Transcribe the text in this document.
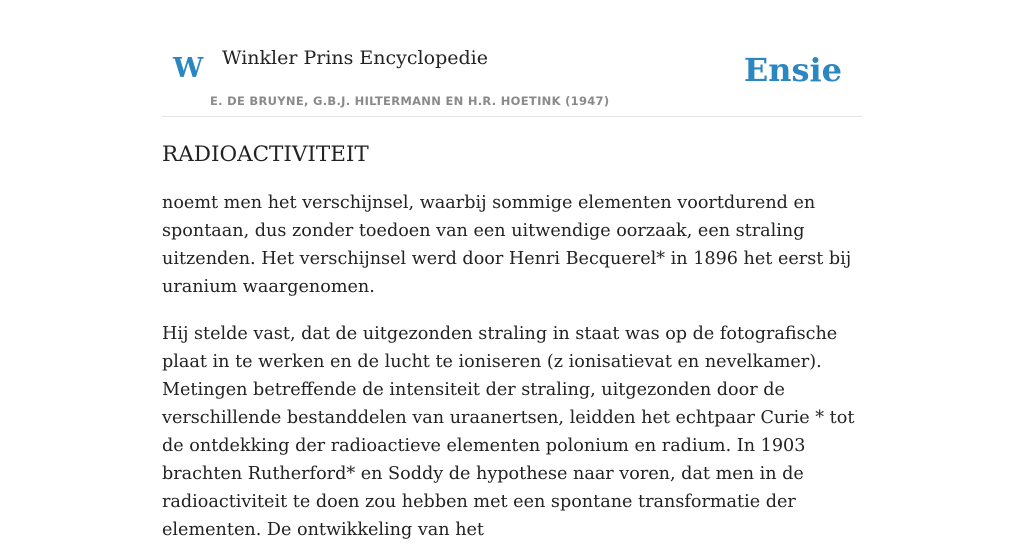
W Winkler Prins Encyclopedie
E. DE BRUYNE, G.B.J. HILTERMANN EN H.R. HOETINK (1947)
Ensie
RADIOACTIVITEIT

noemt men het verschijnsel, waarbij sommige elementen voortdurend en spontaan, dus zonder toedoen van een uitwendige oorzaak, een straling uitzenden. Het verschijnsel werd door Henri Becquerel* in 1896 het eerst bij uranium waargenomen.

Hij stelde vast, dat de uitgezonden straling in staat was op de fotografische plaat in te werken en de lucht te ioniseren (z ionisatievat en nevelkamer). Metingen betreffende de intensiteit der straling, uitgezonden door de verschillende bestanddelen van uraanertsen, leidden het echtpaar Curie * tot de ontdekking der radioactieve elementen polonium en radium. In 1903 brachten Rutherford* en Soddy de hypothese naar voren, dat men in de radioactiviteit te doen zou hebben met een spontane transformatie der elementen. De ontwikkeling van het
